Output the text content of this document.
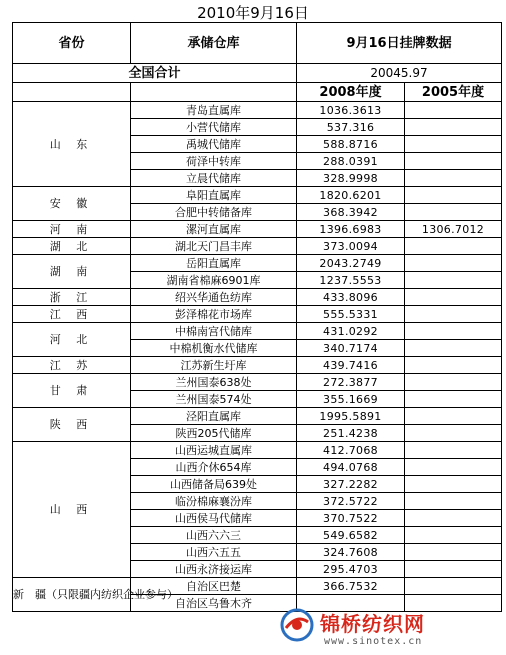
2010年9月16日
省份	承储仓库	9月16日挂牌数据	
全国合计		20045.97	
		2008年度	2005年度
山 东	青岛直属库	1036.3613	
	小营代储库	537.316	
	禹城代储库	588.8716	
	荷泽中转库	288.0391	
	立晨代储库	328.9998	
安 徽	阜阳直属库	1820.6201	
	合肥中转储备库	368.3942	
河 南	漯河直属库	1396.6983	1306.7012
湖 北	湖北天门昌丰库	373.0094	
湖 南	岳阳直属库	2043.2749	
	湖南省棉麻6901库	1237.5553	
浙 江	绍兴华通色纺库	433.8096	
江 西	彭泽棉花市场库	555.5331	
河 北	中棉南宫代储库	431.0292	
	中棉机衡水代储库	340.7174	
江 苏	江苏新生圩库	439.7416	
甘 肃	兰州国泰638处	272.3877	
	兰州国泰574处	355.1669	
陕 西	泾阳直属库	1995.5891	
	陕西205代储库	251.4238	
山 西	山西运城直属库	412.7068	
	山西介休654库	494.0768	
	山西储备局639处	327.2282	
	临汾棉麻襄汾库	372.5722	
	山西侯马代储库	370.7522	
	山西六六三	549.6582	
	山西六五五	324.7608	
	山西永济接运库	295.4703	
新　疆（只限疆内纺织企业参与）	自治区巴楚	366.7532	
	自治区乌鲁木齐		
锦桥纺织网
www.sinotex.cn
